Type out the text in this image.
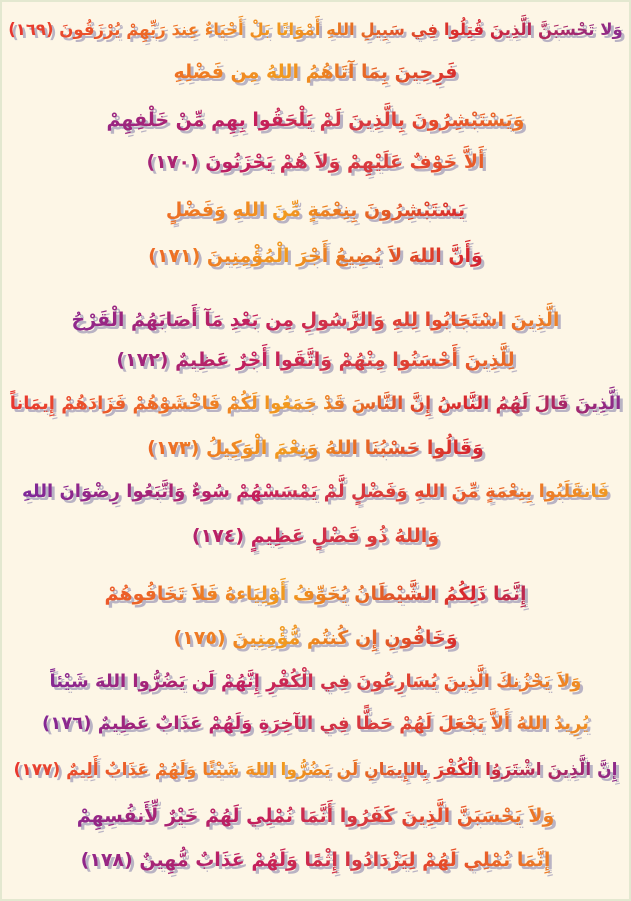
وَلا تَحْسَبَنَّ الَّذِينَ قُتِلُوا فِي سَبِيلِ اللهِ أَمْوَاتًا بَلْ أَحْيَاءٌ عِندَ رَبِّهِمْ يُرْزَقُونَ (١٦٩)
فَرِحِينَ بِمَا آتَاهُمُ اللهُ مِن فَضْلِهِ
وَيَسْتَبْشِرُونَ بِالَّذِينَ لَمْ يَلْحَقُوا بِهِم مِّنْ خَلْفِهِمْ
أَلاَّ خَوْفٌ عَلَيْهِمْ وَلاَ هُمْ يَحْزَنُونَ (١٧٠)
يَسْتَبْشِرُونَ بِنِعْمَةٍ مِّنَ اللهِ وَفَضْلٍ
وَأَنَّ اللهَ لاَ يُضِيعُ أَجْرَ الْمُؤْمِنِينَ (١٧١)
الَّذِينَ اسْتَجَابُوا لِلهِ وَالرَّسُولِ مِن بَعْدِ مَآ أَصَابَهُمُ الْقَرْحُ
لِلَّذِينَ أَحْسَنُوا مِنْهُمْ وَاتَّقَوا أَجْرٌ عَظِيمٌ (١٧٢)
الَّذِينَ قَالَ لَهُمُ النَّاسُ إِنَّ النَّاسَ قَدْ جَمَعُوا لَكُمْ فَاخْشَوْهُمْ فَزَادَهُمْ إِيمَاناً
وَقَالُوا حَسْبُنَا اللهُ وَنِعْمَ الْوَكِيلُ (١٧٣)
فَانقَلَبُوا بِنِعْمَةٍ مِّنَ اللهِ وَفَضْلٍ لَّمْ يَمْسَسْهُمْ سُوءٌ وَاتَّبَعُوا رِضْوَانَ اللهِ
وَاللهُ ذُو فَضْلٍ عَظِيمٍ (١٧٤)
إِنَّمَا ذَلِكُمُ الشَّيْطَانُ يُخَوِّفُ أَوْلِيَاءهُ فَلاَ تَخَافُوهُمْ
وَخَافُونِ إِن كُنتُم مُّؤْمِنِينَ (١٧٥)
وَلاَ يَحْزُنكَ الَّذِينَ يُسَارِعُونَ فِي الْكُفْرِ إِنَّهُمْ لَن يَضُرُّوا اللهَ شَيْئاً
يُرِيدُ اللهُ أَلاَّ يَجْعَلَ لَهُمْ حَظًّا فِي الآخِرَةِ وَلَهُمْ عَذَابٌ عَظِيمٌ (١٧٦)
إِنَّ الَّذِينَ اشْتَرَوُا الْكُفْرَ بِالإِيمَانِ لَن يَضُرُّوا اللهَ شَيْئًا وَلَهُمْ عَذَابٌ أَلِيمٌ (١٧٧)
وَلاَ يَحْسَبَنَّ الَّذِينَ كَفَرُوا أَنَّمَا نُمْلِي لَهُمْ خَيْرٌ لِّأَنفُسِهِمْ
إِنَّمَا نُمْلِي لَهُمْ لِيَزْدَادُوا إِثْمًا وَلَهُمْ عَذَابٌ مُّهِينٌ (١٧٨)
